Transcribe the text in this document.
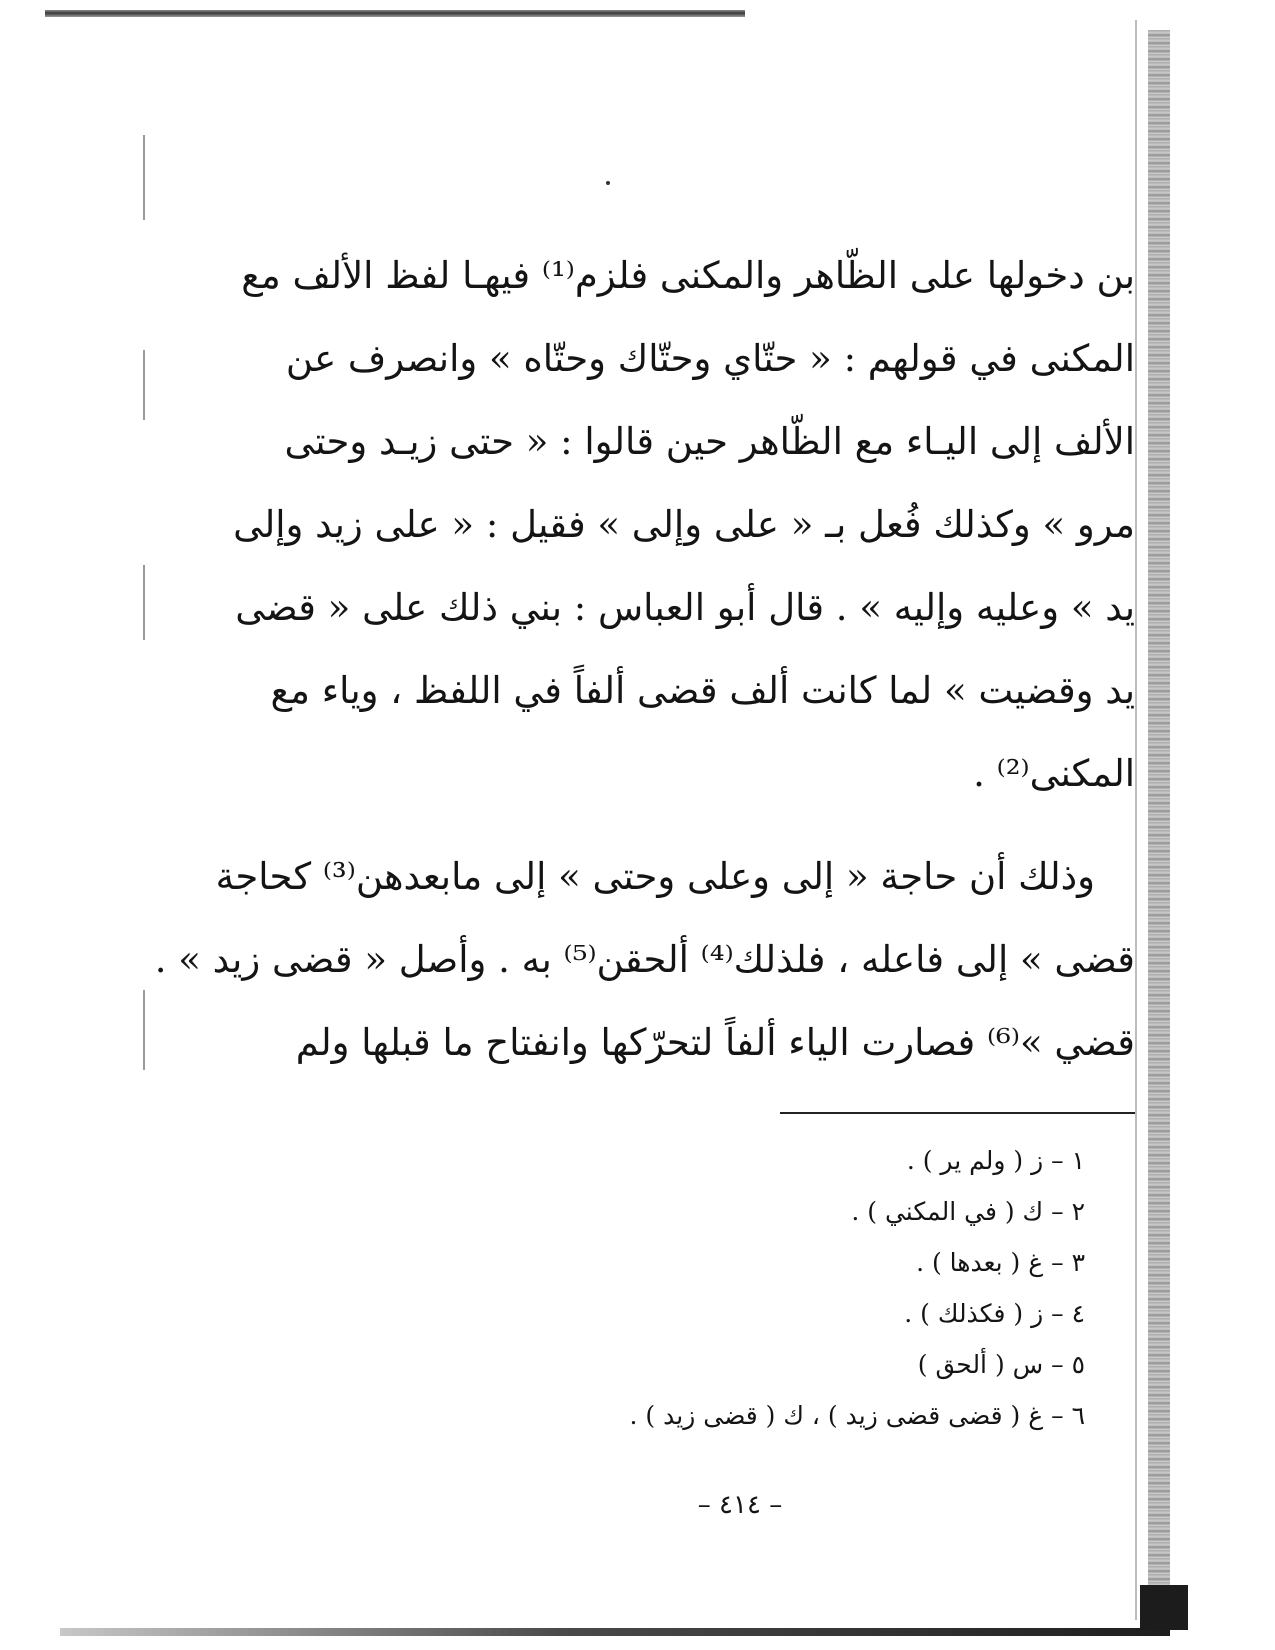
بن دخولها على الظّاهر والمكنى فلزم⁽¹⁾ فيهـا لفظ الألف مع
المكنى في قولهم : « حتّاي وحتّاك وحتّاه » وانصرف عن
الألف إلى اليـاء مع الظّاهر حين قالوا : « حتى زيـد وحتى
مرو » وكذلك فُعل بـ « على وإلى » فقيل : « على زيد وإلى
يد » وعليه وإليه » . قال أبو العباس : بني ذلك على « قضى
يد وقضيت » لما كانت ألف قضى ألفاً في اللفظ ، وياء مع
المكنى⁽²⁾ .
وذلك أن حاجة « إلى وعلى وحتى » إلى مابعدهن⁽³⁾ كحاجة
قضى » إلى فاعله ، فلذلك⁽⁴⁾ ألحقن⁽⁵⁾ به . وأصل « قضى زيد » .
قضي »⁽⁶⁾ فصارت الياء ألفاً لتحرّكها وانفتاح ما قبلها ولم
١ – ز ( ولم ير ) .
٢ – ك ( في المكني ) .
٣ – غ ( بعدها ) .
٤ – ز ( فكذلك ) .
٥ – س ( ألحق )
٦ – غ ( قضى قضى زيد ) ، ك ( قضى زيد ) .
– ٤١٤ –
